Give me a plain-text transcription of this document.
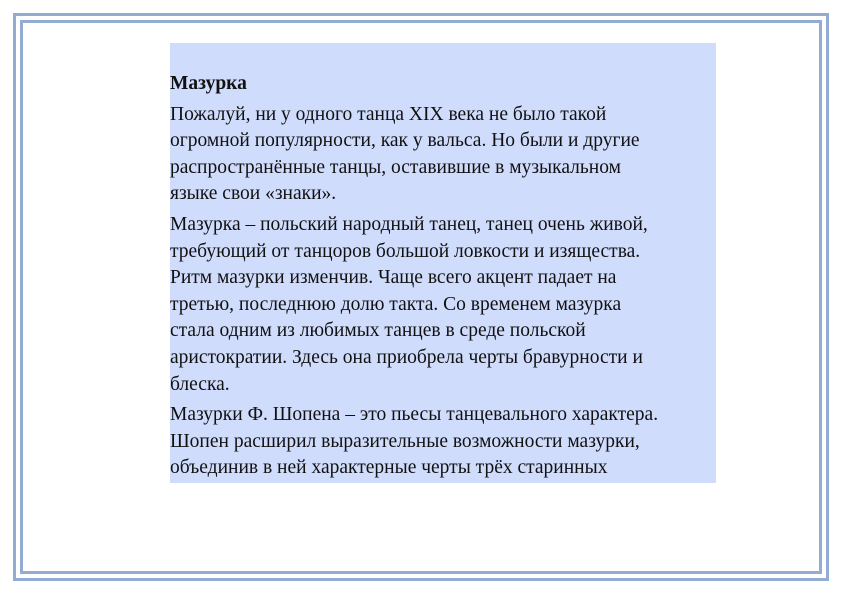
Мазурка
Пожалуй, ни у одного танца XIX века не было такой
огромной популярности, как у вальса. Но были и другие
распространённые танцы, оставившие в музыкальном
языке свои «знаки».
Мазурка – польский народный танец, танец очень живой,
требующий от танцоров большой ловкости и изящества.
Ритм мазурки изменчив. Чаще всего акцент падает на
третью, последнюю долю такта. Со временем мазурка
стала одним из любимых танцев в среде польской
аристократии. Здесь она приобрела черты бравурности и
блеска.
Мазурки Ф. Шопена – это пьесы танцевального характера.
Шопен расширил выразительные возможности мазурки,
объединив в ней характерные черты трёх старинных
